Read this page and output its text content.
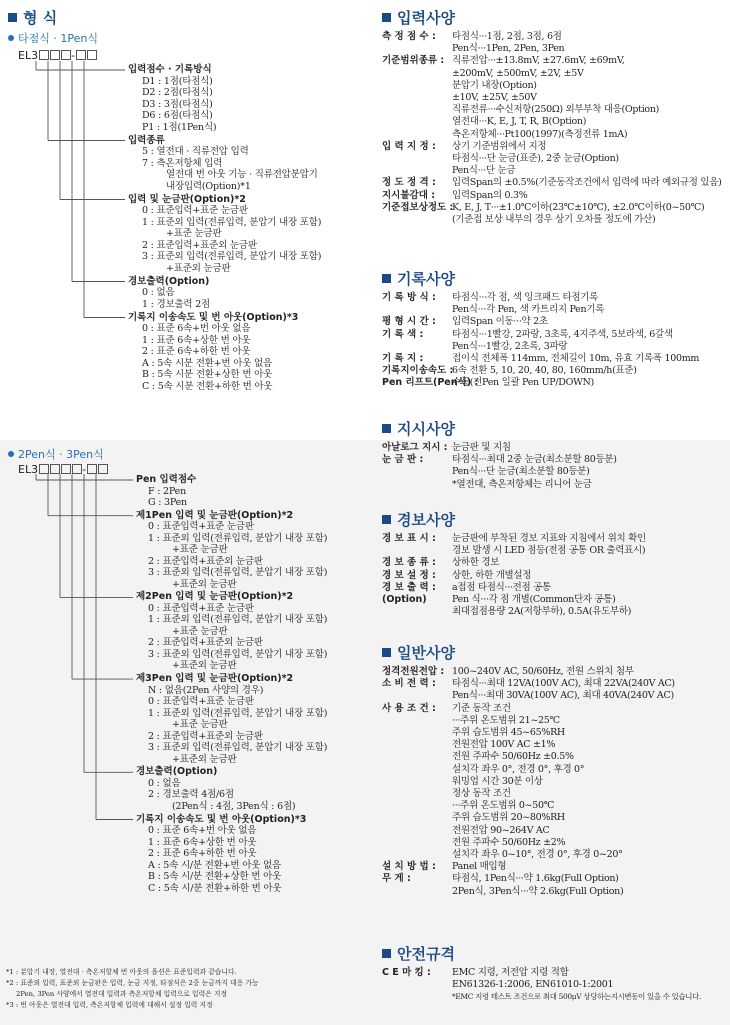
형 식
타점식 · 1Pen식
EL3	-
입력점수 · 기록방식
D1 : 1점(타점식)
D2 : 2점(타점식)
D3 : 3점(타점식)
D6 : 6점(타점식)
P1 : 1점(1Pen식)
입력종류
5 : 열전대 · 직류전압 입력
7 : 측온저항체 입력
열전대 번 아웃 기능 · 직류전압분압기
내장입력(Option)*1
입력 및 눈금판(Option)*2
0 : 표준입력+표준 눈금판
1 : 표준외 입력(전류입력, 분압기 내장 포함)
+표준 눈금판
2 : 표준입력+표준외 눈금판
3 : 표준외 입력(전류입력, 분압기 내장 포함)
+표준외 눈금판
경보출력(Option)
0 : 없음
1 : 경보출력 2점
기록지 이송속도 및 번 아웃(Option)*3
0 : 표준 6속+번 아웃 없음
1 : 표준 6속+상한 번 아웃
2 : 표준 6속+하한 번 아웃
A : 5속 시분 전환+번 아웃 없음
B : 5속 시분 전환+상한 번 아웃
C : 5속 시분 전환+하한 번 아웃
2Pen식 · 3Pen식
EL3	-
Pen 입력점수
F : 2Pen
G : 3Pen
제1Pen 입력 및 눈금판(Option)*2
0 : 표준입력+표준 눈금판
1 : 표준외 입력(전류입력, 분압기 내장 포함)
+표준 눈금판
2 : 표준입력+표준외 눈금판
3 : 표준외 입력(전류입력, 분압기 내장 포함)
+표준외 눈금판
제2Pen 입력 및 눈금판(Option)*2
0 : 표준입력+표준 눈금판
1 : 표준외 입력(전류입력, 분압기 내장 포함)
+표준 눈금판
2 : 표준입력+표준외 눈금판
3 : 표준외 입력(전류입력, 분압기 내장 포함)
+표준외 눈금판
제3Pen 입력 및 눈금판(Option)*2
N : 없음(2Pen 사양의 경우)
0 : 표준입력+표준 눈금판
1 : 표준외 입력(전류입력, 분압기 내장 포함)
+표준 눈금판
2 : 표준입력+표준외 눈금판
3 : 표준외 입력(전류입력, 분압기 내장 포함)
+표준외 눈금판
경보출력(Option)
0 : 없음
2 : 경보출력 4점/6점
(2Pen식 : 4점, 3Pen식 : 6점)
기록지 이송속도 및 번 아웃(Option)*3
0 : 표준 6속+번 아웃 없음
1 : 표준 6속+상한 번 아웃
2 : 표준 6속+하한 번 아웃
A : 5속 시/분 전환+번 아웃 없음
B : 5속 시/분 전환+상한 번 아웃
C : 5속 시/분 전환+하한 번 아웃
*1 : 분압기 내장, 열전대 · 측온저항체 번 아웃의 옵션은 표준입력과 같습니다.
*2 : 표준외 입력, 표준외 눈금판은 입력, 눈금 지정, 타점식은 2중 눈금까지 대응 가능
2Pen, 3Pen 사양에서 열전대 입력과 측온저항체 입력으로 입력은 지정
*3 : 번 아웃은 열전대 입력, 측온저항체 입력에 대해서 설정 입력 지정
입력사양
측 정 점 수 : 타점식···1점, 2점, 3점, 6점
Pen식···1Pen, 2Pen, 3Pen
기준범위종류 : 직류전압···±13.8mV, ±27.6mV, ±69mV,
±200mV, ±500mV, ±2V, ±5V
분압기 내장(Option)
±10V, ±25V, ±50V
직류전류···수신저항(250Ω) 외부부착 대응(Option)
열전대···K, E, J, T, R, B(Option)
측온저항체···Pt100(1997)(측정전류 1mA)
입 력 지 정 : 상기 기준범위에서 지정
타점식···단 눈금(표준), 2중 눈금(Option)
Pen식···단 눈금
정 도 정 격 : 입력Span의 ±0.5%(기준동작조건에서 입력에 따라 예외규정 있음)
지시불감대 : 입력Span의 0.3%
기준접보상정도 :
K, E, J, T···±1.0℃이하(23℃±10℃), ±2.0℃이하(0~50℃)
(기준접 보상 내부의 경우 상기 오차를 정도에 가산)
기록사양
기 록 방 식 : 타점식···각 점, 색 잉크패드 타점기록
Pen식···각 Pen, 색 카트리지 Pen기록
평 형 시 간 : 입력Span 이동···약 2초
기 록 색 :	타점식···1빨강, 2파랑, 3초록, 4지주색, 5보라색, 6갈색
Pen식···1빨강, 2초록, 3파랑
기 록 지 :	접이식 전체폭 114mm, 전체길이 10m, 유효 기록폭 100mm
기록지이송속도 :
6속 전환 5, 10, 20, 40, 80, 160mm/h(표준)
Pen 리프트(Pen식) :
수동(전Pen 일괄 Pen UP/DOWN)
지시사양
아날로그 지시 : 눈금판 및 지침
눈 금 판 :	타점식···최대 2중 눈금(최소분할 80등분)
Pen식···단 눈금(최소분할 80등분)
*열전대, 측온저항체는 리니어 눈금
경보사양
경 보 표 시 : 눈금판에 부착된 경보 지표와 지침에서 위치 확인
경보 발생 시 LED 점등(전점 공통 OR 출력표시)
경 보 종 류 : 상하한 경보
경 보 설 정 : 상한, 하한 개별설정
경 보 출 력 : a접점 타점식···전점 공통
(Option)	Pen 식···각 점 개별(Common단자 공통)
최대접점용량 2A(저항부하), 0.5A(유도부하)
일반사양
정격전원전압 : 100~240V AC, 50/60Hz, 전원 스위치 첨부
소 비 전 력 : 타점식···최대 12VA(100V AC), 최대 22VA(240V AC)
Pen식···최대 30VA(100V AC), 최대 40VA(240V AC)
사 용 조 건 : 기준 동작 조건
···주위 온도범위 21~25℃
주위 습도범위 45~65%RH
전원전압 100V AC ±1%
전원 주파수 50/60Hz ±0.5%
설치각 좌우 0°, 전경 0°, 후경 0°
워밍업 시간 30분 이상
정상 동작 조건
···주위 온도범위 0~50℃
주위 습도범위 20~80%RH
전원전압 90~264V AC
전원 주파수 50/60Hz ±2%
설치각 좌우 0~10°, 전경 0°, 후경 0~20°
설 치 방 법 : Panel 매입형
무 게 :	타점식, 1Pen식···약 1.6kg(Full Option)
2Pen식, 3Pen식···약 2.6kg(Full Option)
안전규격
C E 마 킹 : EMC 지령, 저전압 지령 적합
EN61326-1:2006, EN61010-1:2001
*EMC 지령 테스트 조건으로 최대 500μV 상당하는지시변동이 있을 수 있습니다.
